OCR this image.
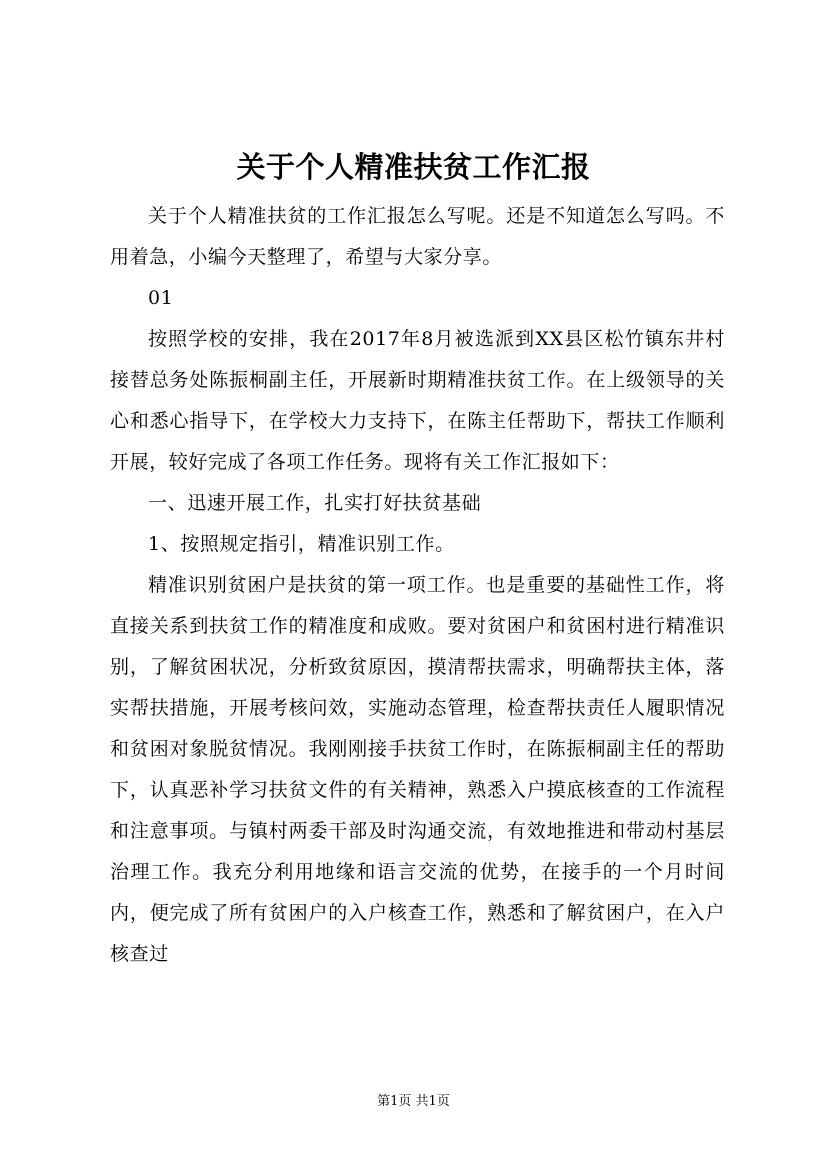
关于个人精准扶贫工作汇报

关于个人精准扶贫的工作汇报怎么写呢。还是不知道怎么写吗。不用着急，小编今天整理了，希望与大家分享。

01

按照学校的安排，我在2017年8月被选派到XX县区松竹镇东井村接替总务处陈振桐副主任，开展新时期精准扶贫工作。在上级领导的关心和悉心指导下，在学校大力支持下，在陈主任帮助下，帮扶工作顺利开展，较好完成了各项工作任务。现将有关工作汇报如下：

一、迅速开展工作，扎实打好扶贫基础

1、按照规定指引，精准识别工作。

精准识别贫困户是扶贫的第一项工作。也是重要的基础性工作，将直接关系到扶贫工作的精准度和成败。要对贫困户和贫困村进行精准识别，了解贫困状况，分析致贫原因，摸清帮扶需求，明确帮扶主体，落实帮扶措施，开展考核问效，实施动态管理，检查帮扶责任人履职情况和贫困对象脱贫情况。我刚刚接手扶贫工作时，在陈振桐副主任的帮助下，认真恶补学习扶贫文件的有关精神，熟悉入户摸底核查的工作流程和注意事项。与镇村两委干部及时沟通交流，有效地推进和带动村基层治理工作。我充分利用地缘和语言交流的优势，在接手的一个月时间内，便完成了所有贫困户的入户核查工作，熟悉和了解贫困户，在入户核查过

第1页 共1页
